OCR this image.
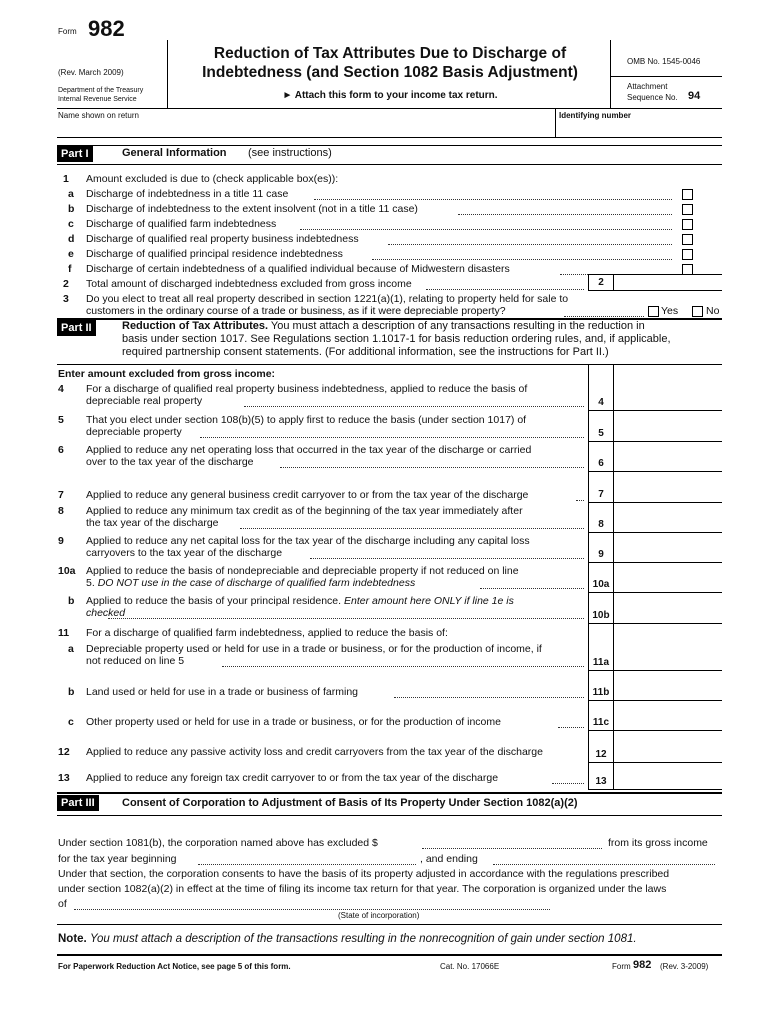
Form 982
(Rev. March 2009)
Department of the Treasury
Internal Revenue Service
Reduction of Tax Attributes Due to Discharge of
Indebtedness (and Section 1082 Basis Adjustment)
► Attach this form to your income tax return.
OMB No. 1545-0046
Attachment
Sequence No. 94
Name shown on return	Identifying number
Part I	General Information (see instructions)
1 Amount excluded is due to (check applicable box(es)):
a Discharge of indebtedness in a title 11 case
b Discharge of indebtedness to the extent insolvent (not in a title 11 case)
c Discharge of qualified farm indebtedness
d Discharge of qualified real property business indebtedness
e Discharge of qualified principal residence indebtedness
f Discharge of certain indebtedness of a qualified individual because of Midwestern disasters
2 Total amount of discharged indebtedness excluded from gross income	2
3 Do you elect to treat all real property described in section 1221(a)(1), relating to property held for sale to
customers in the ordinary course of a trade or business, as if it were depreciable property?	Yes	No
Part II	Reduction of Tax Attributes. You must attach a description of any transactions resulting in the reduction in
basis under section 1017. See Regulations section 1.1017-1 for basis reduction ordering rules, and, if applicable,
required partnership consent statements. (For additional information, see the instructions for Part II.)
Enter amount excluded from gross income:
4 For a discharge of qualified real property business indebtedness, applied to reduce the basis of
depreciable real property	4
5 That you elect under section 108(b)(5) to apply first to reduce the basis (under section 1017) of
depreciable property	5
6 Applied to reduce any net operating loss that occurred in the tax year of the discharge or carried
over to the tax year of the discharge	6
7 Applied to reduce any general business credit carryover to or from the tax year of the discharge	7
8 Applied to reduce any minimum tax credit as of the beginning of the tax year immediately after
the tax year of the discharge	8
9 Applied to reduce any net capital loss for the tax year of the discharge including any capital loss
carryovers to the tax year of the discharge	9
10a Applied to reduce the basis of nondepreciable and depreciable property if not reduced on line
5. DO NOT use in the case of discharge of qualified farm indebtedness	10a
b Applied to reduce the basis of your principal residence. Enter amount here ONLY if line 1e is
checked	10b
11 For a discharge of qualified farm indebtedness, applied to reduce the basis of:
a Depreciable property used or held for use in a trade or business, or for the production of income, if
not reduced on line 5	11a
b Land used or held for use in a trade or business of farming	11b
c Other property used or held for use in a trade or business, or for the production of income	11c
12 Applied to reduce any passive activity loss and credit carryovers from the tax year of the discharge	12
13 Applied to reduce any foreign tax credit carryover to or from the tax year of the discharge	13
Part III	Consent of Corporation to Adjustment of Basis of Its Property Under Section 1082(a)(2)
Under section 1081(b), the corporation named above has excluded $	from its gross income
for the tax year beginning	, and ending
Under that section, the corporation consents to have the basis of its property adjusted in accordance with the regulations prescribed
under section 1082(a)(2) in effect at the time of filing its income tax return for that year. The corporation is organized under the laws
of
(State of incorporation)
Note. You must attach a description of the transactions resulting in the nonrecognition of gain under section 1081.
For Paperwork Reduction Act Notice, see page 5 of this form.	Cat. No. 17066E	Form 982 (Rev. 3-2009)
